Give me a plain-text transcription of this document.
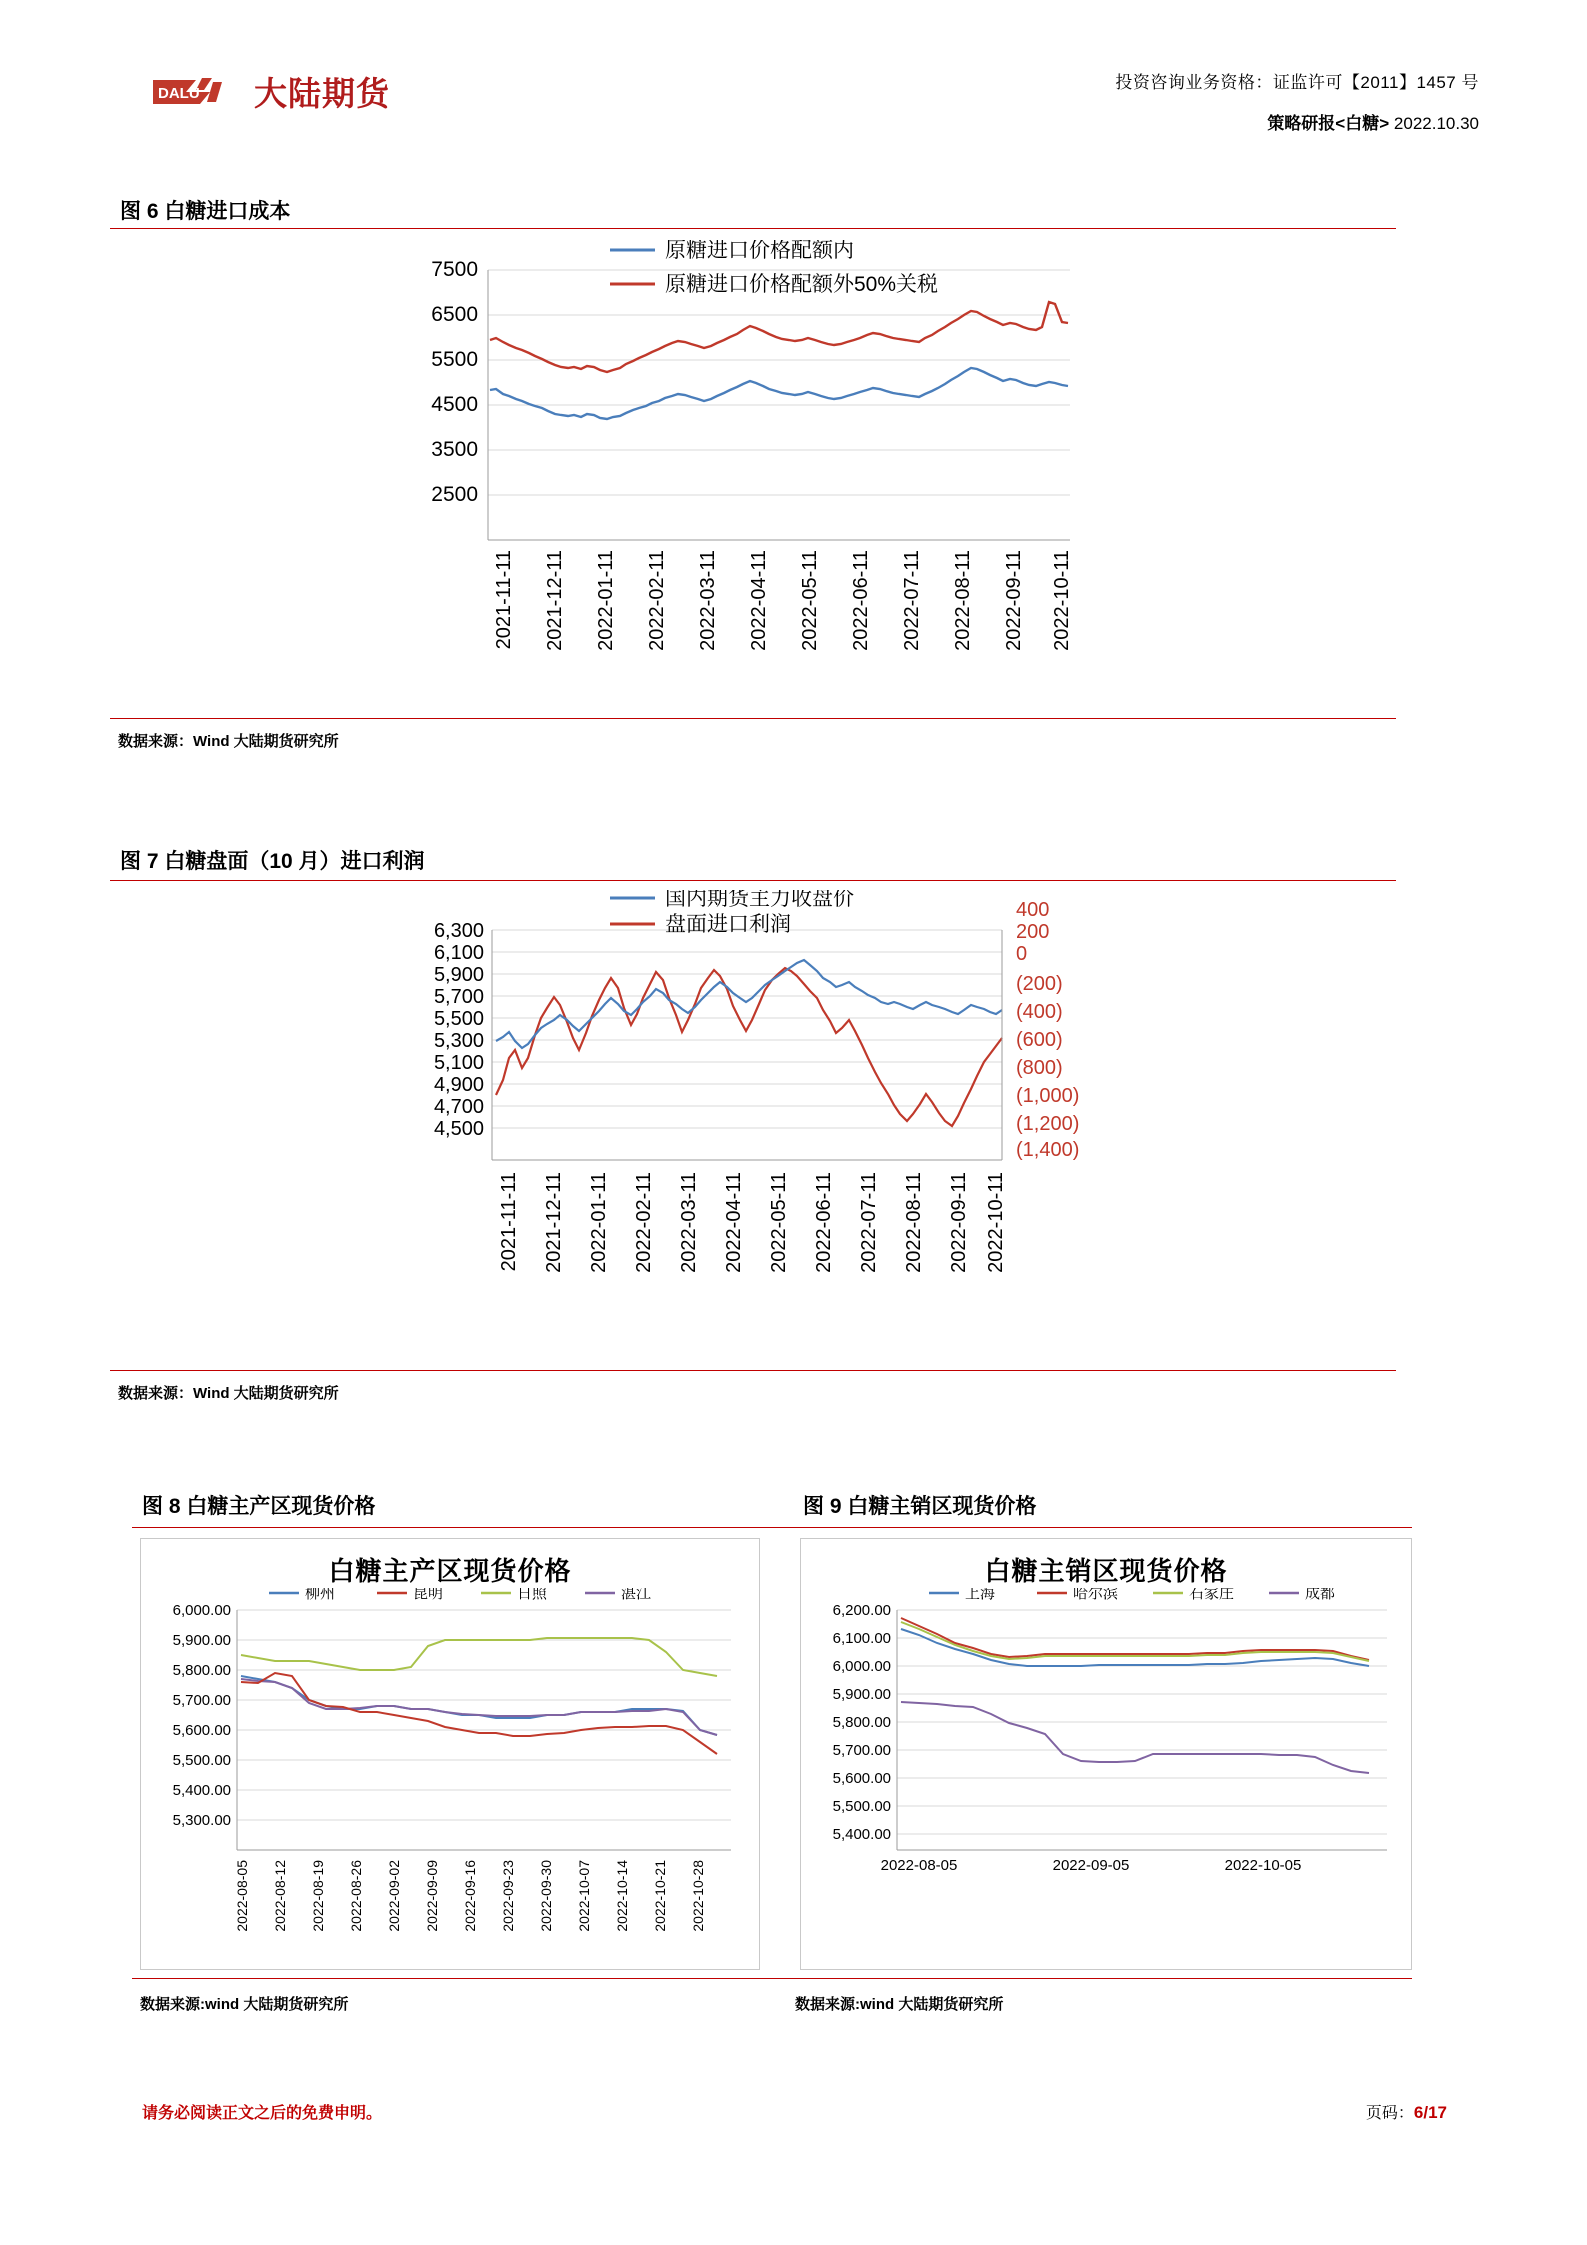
DALU 大陆期货	投资咨询业务资格：证监许可【2011】1457 号
策略研报<白糖> 2022.10.30
图 6 白糖进口成本
7500
6500
5500
4500
3500
2500
2021-11-11 2021-12-11 2022-01-11 2022-02-11 2022-03-11 2022-04-11 2022-05-11 2022-06-11 2022-07-11 2022-08-11 2022-09-11 2022-10-11
原糖进口价格配额内
原糖进口价格配额外50%关税
数据来源：Wind 大陆期货研究所
图 7 白糖盘面（10 月）进口利润
6,300
6,100
5,900
5,700
5,500
5,300
5,100
4,900
4,700
4,500
400
200
0
(200)
(400)
(600)
(800)
(1,000)
(1,200)
(1,400)
2021-11-11 2021-12-11 2022-01-11 2022-02-11 2022-03-11 2022-04-11 2022-05-11 2022-06-11 2022-07-11 2022-08-11 2022-09-11 2022-10-11
国内期货主力收盘价
盘面进口利润
数据来源：Wind 大陆期货研究所
图 8 白糖主产区现货价格	图 9 白糖主销区现货价格
白糖主产区现货价格
6,000.00
5,900.00
5,800.00
5,700.00
5,600.00
5,500.00
5,400.00
5,300.00
2022-08-05 2022-08-12 2022-08-19 2022-08-26 2022-09-02 2022-09-09 2022-09-16 2022-09-23 2022-09-30 2022-10-07 2022-10-14 2022-10-21 2022-10-28
柳州	昆明	日照	湛江
白糖主销区现货价格
6,200.00
6,100.00
6,000.00
5,900.00
5,800.00
5,700.00
5,600.00
5,500.00
5,400.00
2022-08-05	2022-09-05	2022-10-05
上海	哈尔滨	石家庄	成都
数据来源:wind 大陆期货研究所	数据来源:wind 大陆期货研究所
请务必阅读正文之后的免费申明。	页码：6/17
